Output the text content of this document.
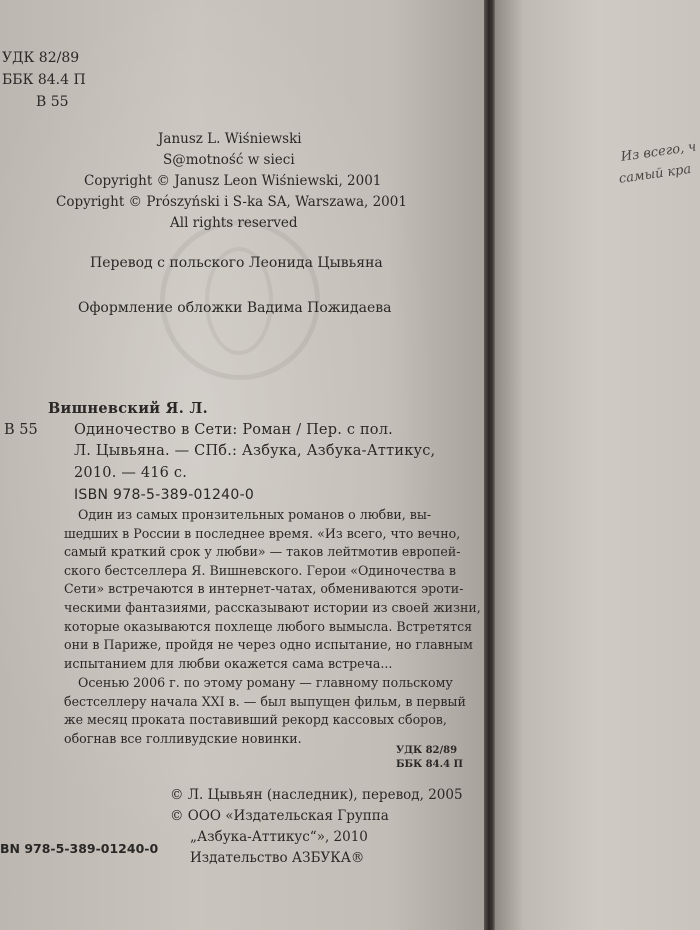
УДК 82/89
ББК 84.4 П
В 55
Janusz L. Wiśniewski
S@motność w sieci
Copyright © Janusz Leon Wiśniewski, 2001
Copyright © Prószyński i S-ka SA, Warszawa, 2001
All rights reserved
Перевод с польского Леонида Цывьяна
Оформление обложки Вадима Пожидаева
Вишневский Я. Л.
В 55	Одиночество в Сети: Роман / Пер. с пол.
Л. Цывьяна. — СПб.: Азбука, Азбука-Аттикус,
2010. — 416 с.
ISBN 978-5-389-01240-0
Один из самых пронзительных романов о любви, вы-
шедших в России в последнее время. «Из всего, что вечно,
самый краткий срок у любви» — таков лейтмотив европей-
ского бестселлера Я. Вишневского. Герои «Одиночества в
Сети» встречаются в интернет-чатах, обмениваются эроти-
ческими фантазиями, рассказывают истории из своей жизни,
которые оказываются похлеще любого вымысла. Встретятся
они в Париже, пройдя не через одно испытание, но главным
испытанием для любви окажется сама встреча...
Осенью 2006 г. по этому роману — главному польскому
бестселлеру начала XXI в. — был выпущен фильм, в первый
же месяц проката поставивший рекорд кассовых сборов,
обогнав все голливудские новинки.
УДК 82/89
ББК 84.4 П
© Л. Цывьян (наследник), перевод, 2005
© ООО «Издательская Группа
„Азбука-Аттикус“», 2010
Издательство АЗБУКА®
BN 978-5-389-01240-0
Из всего, ч
самый кра
